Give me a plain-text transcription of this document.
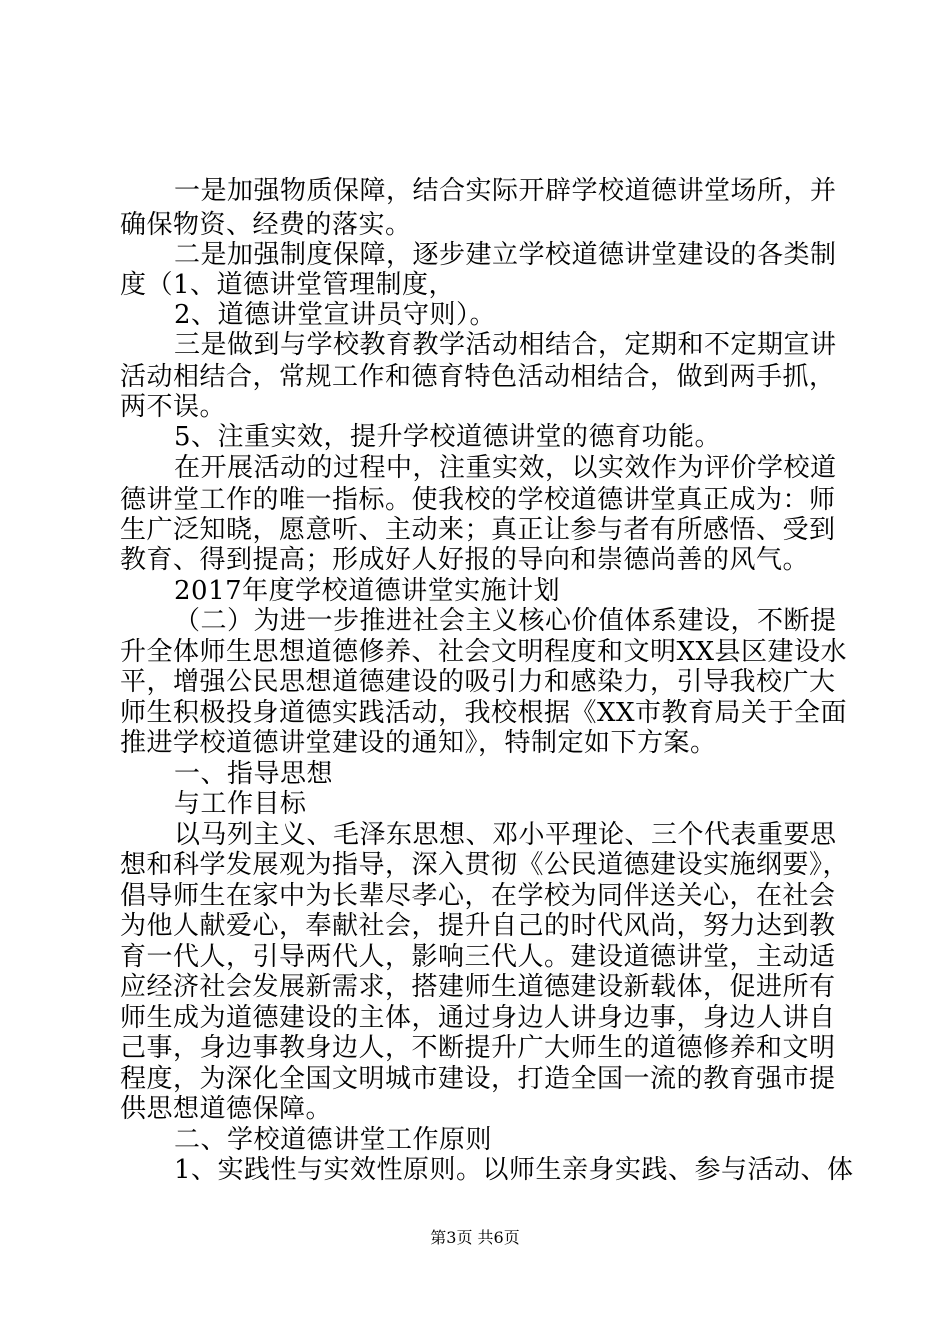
一是加强物质保障，结合实际开辟学校道德讲堂场所，并
确保物资、经费的落实。
二是加强制度保障，逐步建立学校道德讲堂建设的各类制
度（1、道德讲堂管理制度，
2、道德讲堂宣讲员守则）。
三是做到与学校教育教学活动相结合，定期和不定期宣讲
活动相结合，常规工作和德育特色活动相结合，做到两手抓，
两不误。
5、注重实效，提升学校道德讲堂的德育功能。
在开展活动的过程中，注重实效，以实效作为评价学校道
德讲堂工作的唯一指标。使我校的学校道德讲堂真正成为：师
生广泛知晓，愿意听、主动来；真正让参与者有所感悟、受到
教育、得到提高；形成好人好报的导向和崇德尚善的风气。
2017年度学校道德讲堂实施计划
（二）为进一步推进社会主义核心价值体系建设，不断提
升全体师生思想道德修养、社会文明程度和文明XX县区建设水
平，增强公民思想道德建设的吸引力和感染力，引导我校广大
师生积极投身道德实践活动，我校根据《XX市教育局关于全面
推进学校道德讲堂建设的通知》，特制定如下方案。
一、指导思想
与工作目标
以马列主义、毛泽东思想、邓小平理论、三个代表重要思
想和科学发展观为指导，深入贯彻《公民道德建设实施纲要》，
倡导师生在家中为长辈尽孝心，在学校为同伴送关心，在社会
为他人献爱心，奉献社会，提升自己的时代风尚，努力达到教
育一代人，引导两代人，影响三代人。建设道德讲堂，主动适
应经济社会发展新需求，搭建师生道德建设新载体，促进所有
师生成为道德建设的主体，通过身边人讲身边事，身边人讲自
己事，身边事教身边人，不断提升广大师生的道德修养和文明
程度，为深化全国文明城市建设，打造全国一流的教育强市提
供思想道德保障。
二、学校道德讲堂工作原则
1、实践性与实效性原则。以师生亲身实践、参与活动、体
第3页 共6页
